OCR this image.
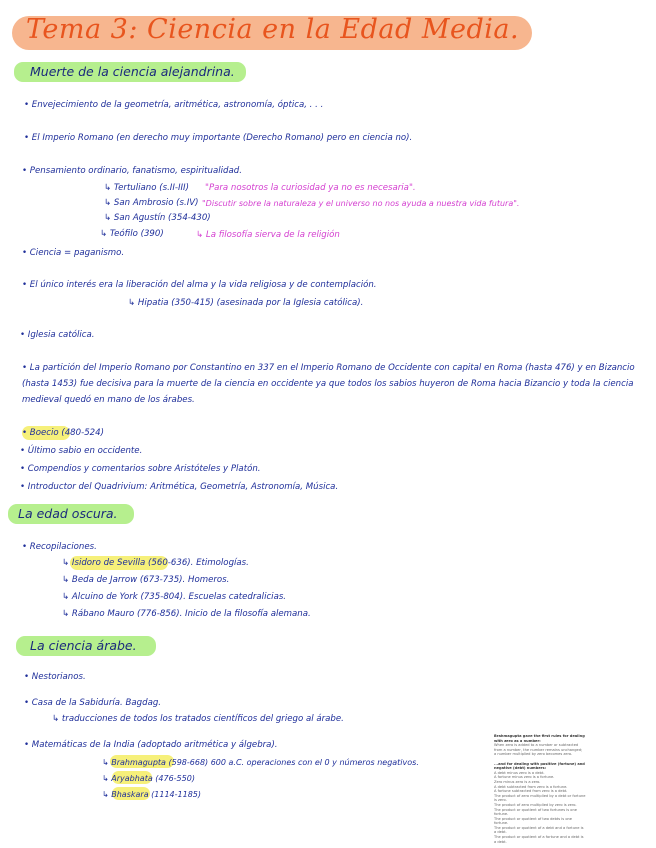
Tema 3: Ciencia en la Edad Media.
Muerte de la ciencia alejandrina.
• Envejecimiento de la geometría, aritmética, astronomía, óptica, . . .
• El Imperio Romano (en derecho muy importante (Derecho Romano) pero en ciencia no).
• Pensamiento ordinario, fanatismo, espiritualidad.
↳ Tertuliano (s.II-III) "Para nosotros la curiosidad ya no es necesaria".
↳ San Ambrosio (s.IV) "Discutir sobre la naturaleza y el universo no nos ayuda a nuestra vida futura".
↳ San Agustín (354-430)
↳ Teófilo (390)	↳ La filosofía sierva de la religión
• Ciencia = paganismo.
• El único interés era la liberación del alma y la vida religiosa y de contemplación.
↳ Hipatia (350-415) (asesinada por la Iglesia católica).
• Iglesia católica.
• La partición del Imperio Romano por Constantino en 337 en el Imperio Romano de Occidente con capital en Roma (hasta 476) y en Bizancio (hasta 1453) fue decisiva para la muerte de la ciencia en occidente ya que todos los sabios huyeron de Roma hacia Bizancio y toda la ciencia medieval quedó en mano de los árabes.
• Boecio (480-524)
• Último sabio en occidente.
• Compendios y comentarios sobre Aristóteles y Platón.
• Introductor del Quadrivium: Aritmética, Geometría, Astronomía, Música.
La edad oscura.
• Recopilaciones.
↳ Isidoro de Sevilla (560-636). Etimologías.
↳ Beda de Jarrow (673-735). Homeros.
↳ Alcuino de York (735-804). Escuelas catedralicias.
↳ Rábano Mauro (776-856). Inicio de la filosofía alemana.
La ciencia árabe.
• Nestorianos.
• Casa de la Sabiduría. Bagdag.
↳ traducciones de todos los tratados científicos del griego al árabe.
• Matemáticas de la India (adoptado aritmética y álgebra).
↳ Brahmagupta (598-668) 600 a.C. operaciones con el 0 y números negativos.
↳ Aryabhata (476-550)
↳ Bhaskara (1114-1185)
Brahmagupta gave the first rules for dealing with zero as a number:
When zero is added to a number or subtracted
from a number, the number remains unchanged;
a number multiplied by zero becomes zero.

...and for dealing with positive (fortune) and negative (debt) numbers:
A debt minus zero is a debt.
A fortune minus zero is a fortune.
Zero minus zero is a zero.
A debt subtracted from zero is a fortune.
A fortune subtracted from zero is a debt.
The product of zero multiplied by a debt or fortune is zero.
The product of zero multiplied by zero is zero.
The product or quotient of two fortunes is one fortune.
The product or quotient of two debts is one fortune.
The product or quotient of a debt and a fortune is a debt.
The product or quotient of a fortune and a debt is a debt.
